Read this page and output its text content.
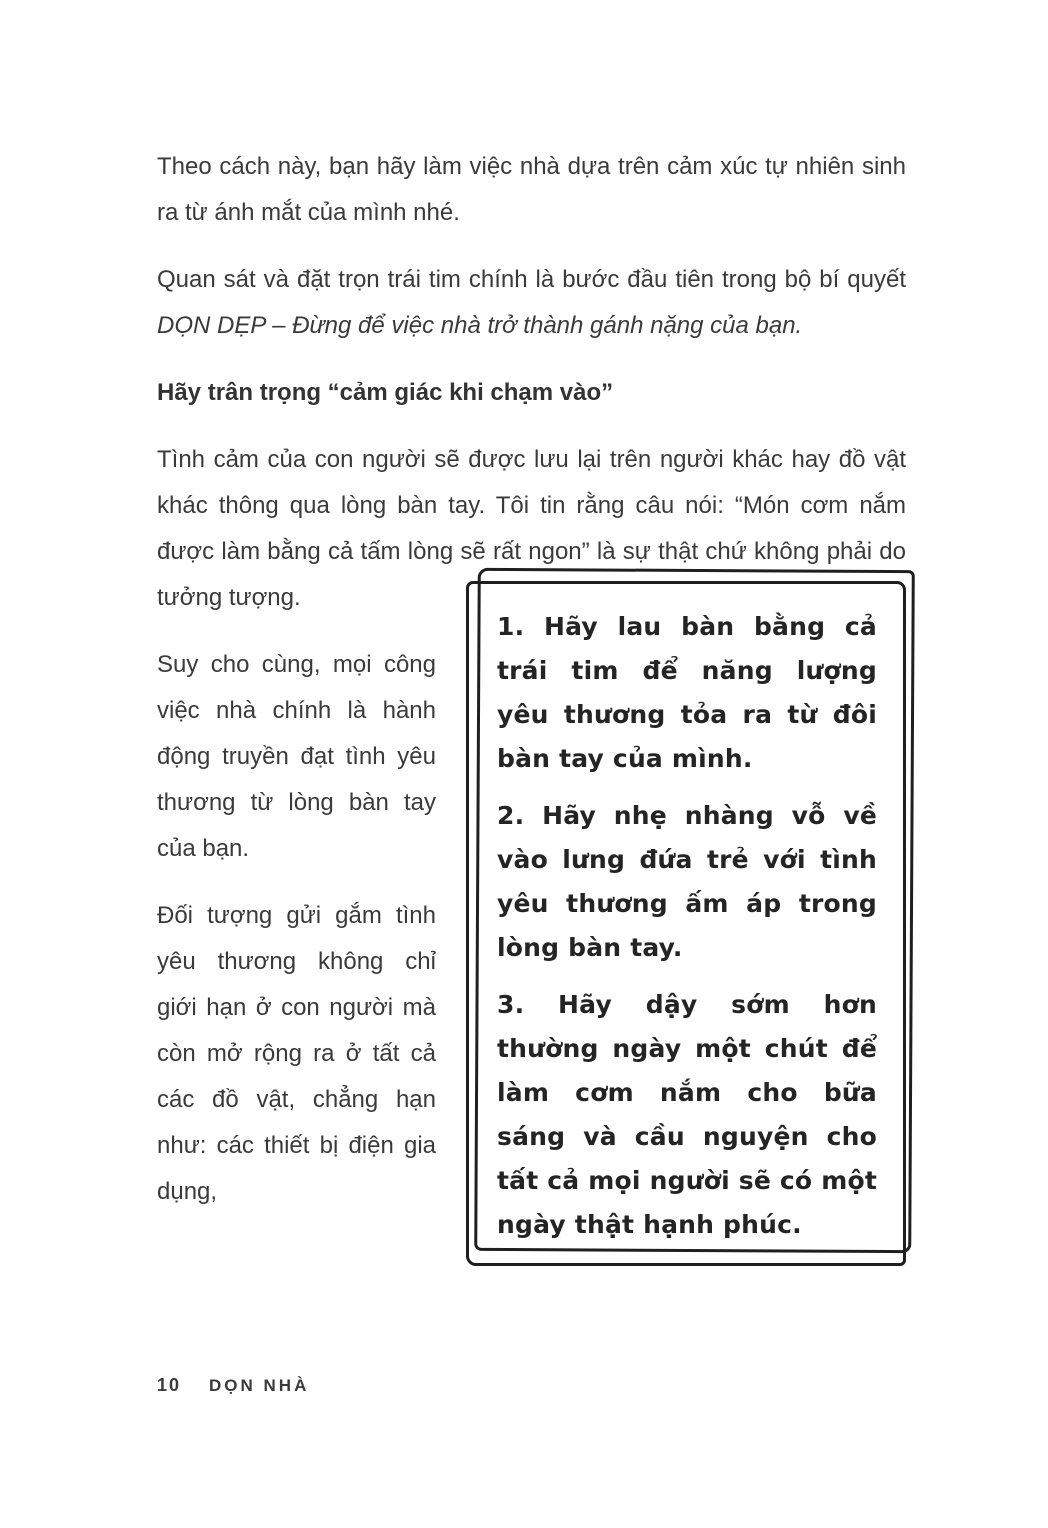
Theo cách này, bạn hãy làm việc nhà dựa trên cảm xúc tự nhiên sinh ra từ ánh mắt của mình nhé.
Quan sát và đặt trọn trái tim chính là bước đầu tiên trong bộ bí quyết DỌN DẸP – Đừng để việc nhà trở thành gánh nặng của bạn.
Hãy trân trọng “cảm giác khi chạm vào”
Tình cảm của con người sẽ được lưu lại trên người khác hay đồ vật khác thông qua lòng bàn tay. Tôi tin rằng câu nói: “Món cơm nắm được làm bằng cả tấm lòng sẽ rất ngon” là sự
1. Hãy lau bàn bằng cả trái tim để năng lượng yêu thương tỏa ra từ đôi bàn tay của mình.
2. Hãy nhẹ nhàng vỗ về vào lưng đứa trẻ với tình yêu thương ấm áp trong lòng bàn tay.
3. Hãy dậy sớm hơn thường ngày một chút để làm cơm nắm cho bữa sáng và cầu nguyện cho tất cả mọi người sẽ có một ngày thật hạnh phúc.
thật chứ không phải do tưởng tượng.
Suy cho cùng, mọi công việc nhà chính là hành động truyền đạt tình yêu thương từ lòng bàn tay của bạn.
Đối tượng gửi gắm tình yêu thương không chỉ giới hạn ở con người mà còn mở rộng ra ở tất cả các đồ vật, chẳng hạn như: các thiết bị điện gia dụng,
10 DỌN NHÀ
